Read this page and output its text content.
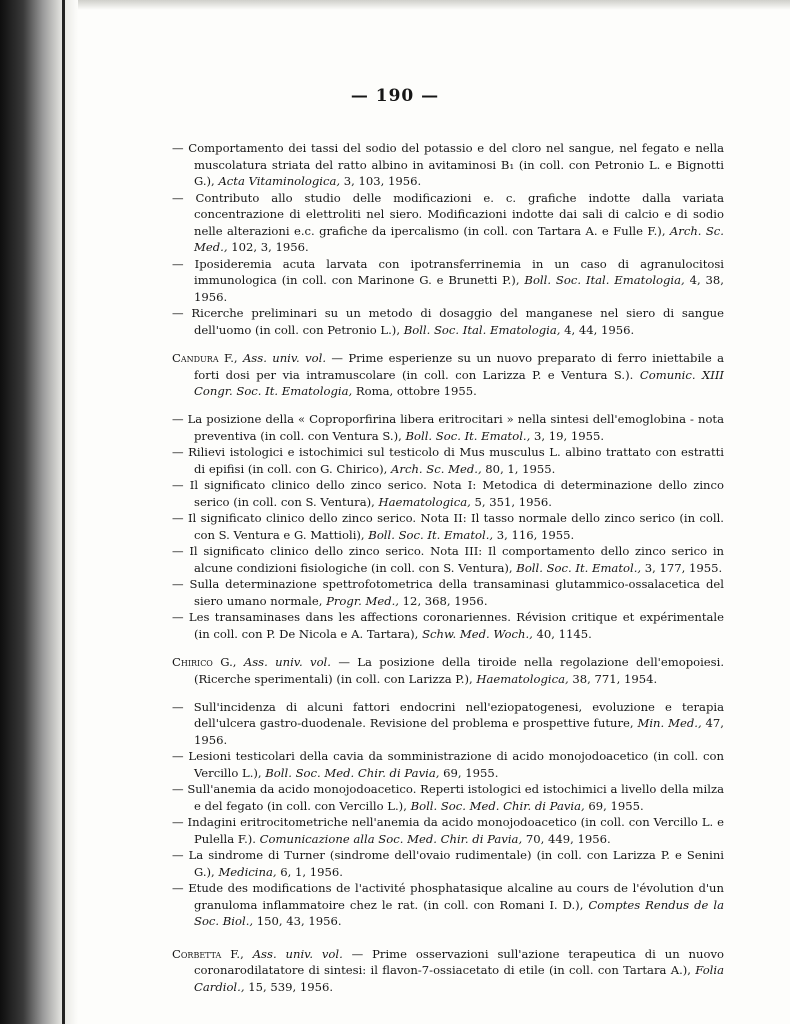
— 190 —

— Comportamento dei tassi del sodio del potassio e del cloro nel sangue, nel fegato e nella muscolatura striata del ratto albino in avitaminosi B₁ (in coll. con Petronio L. e Bignotti G.), Acta Vitaminologica, 3, 103, 1956.

— Contributo allo studio delle modificazioni e. c. grafiche indotte dalla variata concentrazione di elettroliti nel siero. Modificazioni indotte dai sali di calcio e di sodio nelle alterazioni e.c. grafiche da ipercalismo (in coll. con Tartara A. e Fulle F.), Arch. Sc. Med., 102, 3, 1956.

— Iposideremia acuta larvata con ipotransferrinemia in un caso di agranulocitosi immunologica (in coll. con Marinone G. e Brunetti P.), Boll. Soc. Ital. Ematologia, 4, 38, 1956.

— Ricerche preliminari su un metodo di dosaggio del manganese nel siero di sangue dell'uomo (in coll. con Petronio L.), Boll. Soc. Ital. Ematologia, 4, 44, 1956.

Candura F., Ass. univ. vol. — Prime esperienze su un nuovo preparato di ferro iniettabile a forti dosi per via intramuscolare (in coll. con Larizza P. e Ventura S.). Comunic. XIII Congr. Soc. It. Ematologia, Roma, ottobre 1955.

— La posizione della « Coproporfirina libera eritrocitari » nella sintesi dell'emoglobina - nota preventiva (in coll. con Ventura S.), Boll. Soc. It. Ematol., 3, 19, 1955.

— Rilievi istologici e istochimici sul testicolo di Mus musculus L. albino trattato con estratti di epifisi (in coll. con G. Chirico), Arch. Sc. Med., 80, 1, 1955.

— Il significato clinico dello zinco serico. Nota I: Metodica di determinazione dello zinco serico (in coll. con S. Ventura), Haematologica, 5, 351, 1956.

— Il significato clinico dello zinco serico. Nota II: Il tasso normale dello zinco serico (in coll. con S. Ventura e G. Mattioli), Boll. Soc. It. Ematol., 3, 116, 1955.

— Il significato clinico dello zinco serico. Nota III: Il comportamento dello zinco serico in alcune condizioni fisiologiche (in coll. con S. Ventura), Boll. Soc. It. Ematol., 3, 177, 1955.

— Sulla determinazione spettrofotometrica della transaminasi glutammico-ossalacetica del siero umano normale, Progr. Med., 12, 368, 1956.

— Les transaminases dans les affections coronariennes. Révision critique et expérimentale (in coll. con P. De Nicola e A. Tartara), Schw. Med. Woch., 40, 1145.

Chirico G., Ass. univ. vol. — La posizione della tiroide nella regolazione dell'emopoiesi. (Ricerche sperimentali) (in coll. con Larizza P.), Haematologica, 38, 771, 1954.

— Sull'incidenza di alcuni fattori endocrini nell'eziopatogenesi, evoluzione e terapia dell'ulcera gastro-duodenale. Revisione del problema e prospettive future, Min. Med., 47, 1956.

— Lesioni testicolari della cavia da somministrazione di acido monojodoacetico (in coll. con Vercillo L.), Boll. Soc. Med. Chir. di Pavia, 69, 1955.

— Sull'anemia da acido monojodoacetico. Reperti istologici ed istochimici a livello della milza e del fegato (in coll. con Vercillo L.), Boll. Soc. Med. Chir. di Pavia, 69, 1955.

— Indagini eritrocitometriche nell'anemia da acido monojodoacetico (in coll. con Vercillo L. e Pulella F.). Comunicazione alla Soc. Med. Chir. di Pavia, 70, 449, 1956.

— La sindrome di Turner (sindrome dell'ovaio rudimentale) (in coll. con Larizza P. e Senini G.), Medicina, 6, 1, 1956.

— Etude des modifications de l'activité phosphatasique alcaline au cours de l'évolution d'un granuloma inflammatoire chez le rat. (in coll. con Romani I. D.), Comptes Rendus de la Soc. Biol., 150, 43, 1956.

Corbetta F., Ass. univ. vol. — Prime osservazioni sull'azione terapeutica di un nuovo coronarodilatatore di sintesi: il flavon-7-ossiacetato di etile (in coll. con Tartara A.), Folia Cardiol., 15, 539, 1956.
